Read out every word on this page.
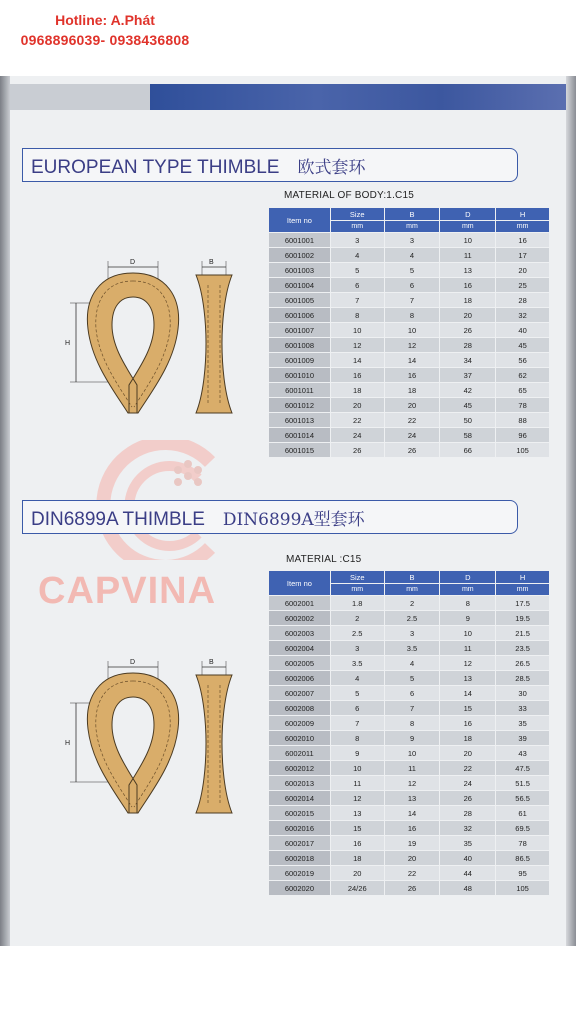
Hotline: A.Phát
0968896039- 0938436808
CAPVINA
EUROPEAN TYPE THIMBLE 欧式套环
MATERIAL OF BODY:1.C15
D
H
B
Item no	Size	B	D	H
	mm	mm	mm	mm
6001001	3	3	10	16
6001002	4	4	11	17
6001003	5	5	13	20
6001004	6	6	16	25
6001005	7	7	18	28
6001006	8	8	20	32
6001007	10	10	26	40
6001008	12	12	28	45
6001009	14	14	34	56
6001010	16	16	37	62
6001011	18	18	42	65
6001012	20	20	45	78
6001013	22	22	50	88
6001014	24	24	58	96
6001015	26	26	66	105
DIN6899A THIMBLE DIN6899A型套环
MATERIAL :C15
D
H
B
Item no	Size	B	D	H
	mm	mm	mm	mm
6002001	1.8	2	8	17.5
6002002	2	2.5	9	19.5
6002003	2.5	3	10	21.5
6002004	3	3.5	11	23.5
6002005	3.5	4	12	26.5
6002006	4	5	13	28.5
6002007	5	6	14	30
6002008	6	7	15	33
6002009	7	8	16	35
6002010	8	9	18	39
6002011	9	10	20	43
6002012	10	11	22	47.5
6002013	11	12	24	51.5
6002014	12	13	26	56.5
6002015	13	14	28	61
6002016	15	16	32	69.5
6002017	16	19	35	78
6002018	18	20	40	86.5
6002019	20	22	44	95
6002020	24/26	26	48	105
